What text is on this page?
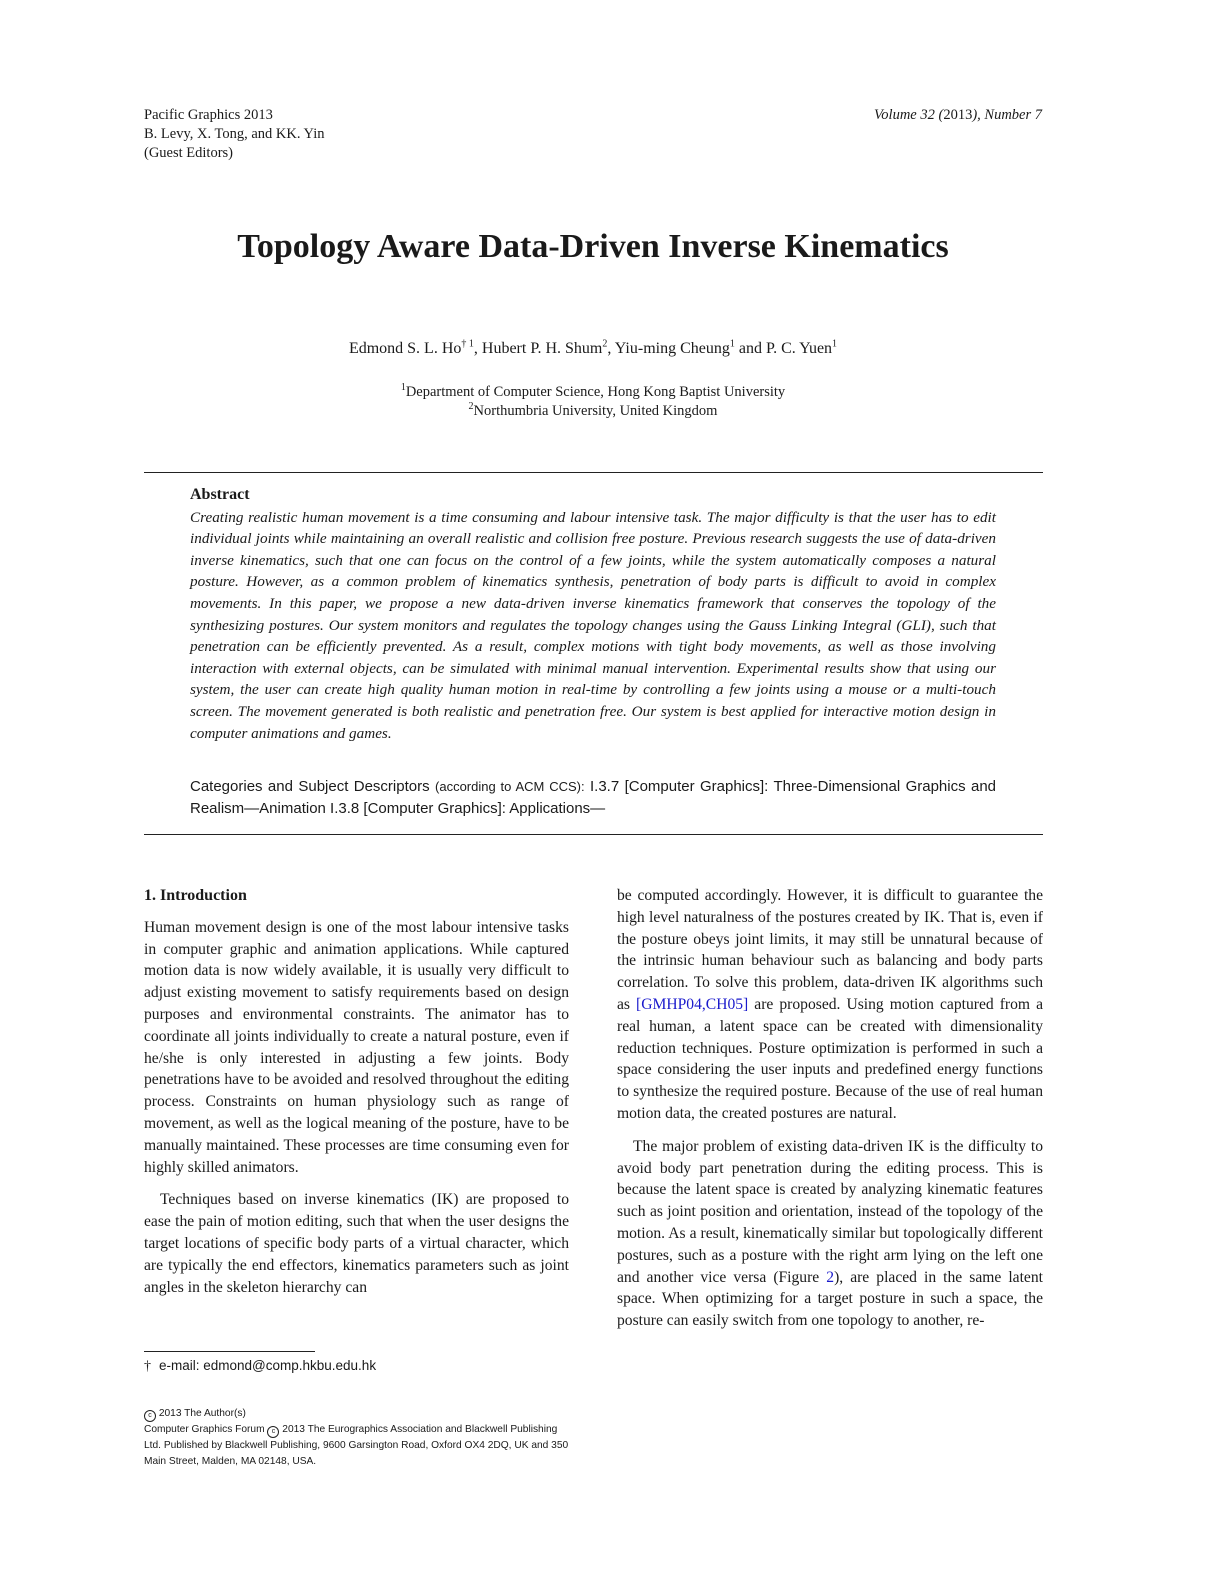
Pacific Graphics 2013
B. Levy, X. Tong, and KK. Yin
(Guest Editors)
Volume 32 (2013), Number 7
Topology Aware Data-Driven Inverse Kinematics
Edmond S. L. Ho$^{\dagger 1}$, Hubert P. H. Shum$^2$, Yiu-ming Cheung$^1$ and P. C. Yuen$^1$
$^1$Department of Computer Science, Hong Kong Baptist University
$^2$Northumbria University, United Kingdom
Abstract
Creating realistic human movement is a time consuming and labour intensive task. The major difficulty is that the user has to edit individual joints while maintaining an overall realistic and collision free posture. Previous research suggests the use of data-driven inverse kinematics, such that one can focus on the control of a few joints, while the system automatically composes a natural posture. However, as a common problem of kinematics synthesis, penetration of body parts is difficult to avoid in complex movements. In this paper, we propose a new data-driven inverse kinematics framework that conserves the topology of the synthesizing postures. Our system monitors and regulates the topology changes using the Gauss Linking Integral (GLI), such that penetration can be efficiently prevented. As a result, complex motions with tight body movements, as well as those involving interaction with external objects, can be simulated with minimal manual intervention. Experimental results show that using our system, the user can create high quality human motion in real-time by controlling a few joints using a mouse or a multi-touch screen. The movement generated is both realistic and penetration free. Our system is best applied for interactive motion design in computer animations and games.
Categories and Subject Descriptors (according to ACM CCS): I.3.7 [Computer Graphics]: Three-Dimensional Graphics and Realism—Animation I.3.8 [Computer Graphics]: Applications—

1. Introduction

Human movement design is one of the most labour intensive tasks in computer graphic and animation applications. While captured motion data is now widely available, it is usually very difficult to adjust existing movement to satisfy requirements based on design purposes and environmental constraints. The animator has to coordinate all joints individually to create a natural posture, even if he/she is only interested in adjusting a few joints. Body penetrations have to be avoided and resolved throughout the editing process. Constraints on human physiology such as range of movement, as well as the logical meaning of the posture, have to be manually maintained. These processes are time consuming even for highly skilled animators.

Techniques based on inverse kinematics (IK) are proposed to ease the pain of motion editing, such that when the user designs the target locations of specific body parts of a virtual character, which are typically the end effectors, kinematics parameters such as joint angles in the skeleton hierarchy can

be computed accordingly. However, it is difficult to guarantee the high level naturalness of the postures created by IK. That is, even if the posture obeys joint limits, it may still be unnatural because of the intrinsic human behaviour such as balancing and body parts correlation. To solve this problem, data-driven IK algorithms such as [GMHP04,CH05] are proposed. Using motion captured from a real human, a latent space can be created with dimensionality reduction techniques. Posture optimization is performed in such a space considering the user inputs and predefined energy functions to synthesize the required posture. Because of the use of real human motion data, the created postures are natural.

The major problem of existing data-driven IK is the difficulty to avoid body part penetration during the editing process. This is because the latent space is created by analyzing kinematic features such as joint position and orientation, instead of the topology of the motion. As a result, kinematically similar but topologically different postures, such as a posture with the right arm lying on the left one and another vice versa (Figure 2), are placed in the same latent space. When optimizing for a target posture in such a space, the posture can easily switch from one topology to another, re-

† e-mail: edmond@comp.hkbu.edu.hk

c 2013 The Author(s)

Computer Graphics Forum c 2013 The Eurographics Association and Blackwell Publishing Ltd. Published by Blackwell Publishing, 9600 Garsington Road, Oxford OX4 2DQ, UK and 350 Main Street, Malden, MA 02148, USA.
